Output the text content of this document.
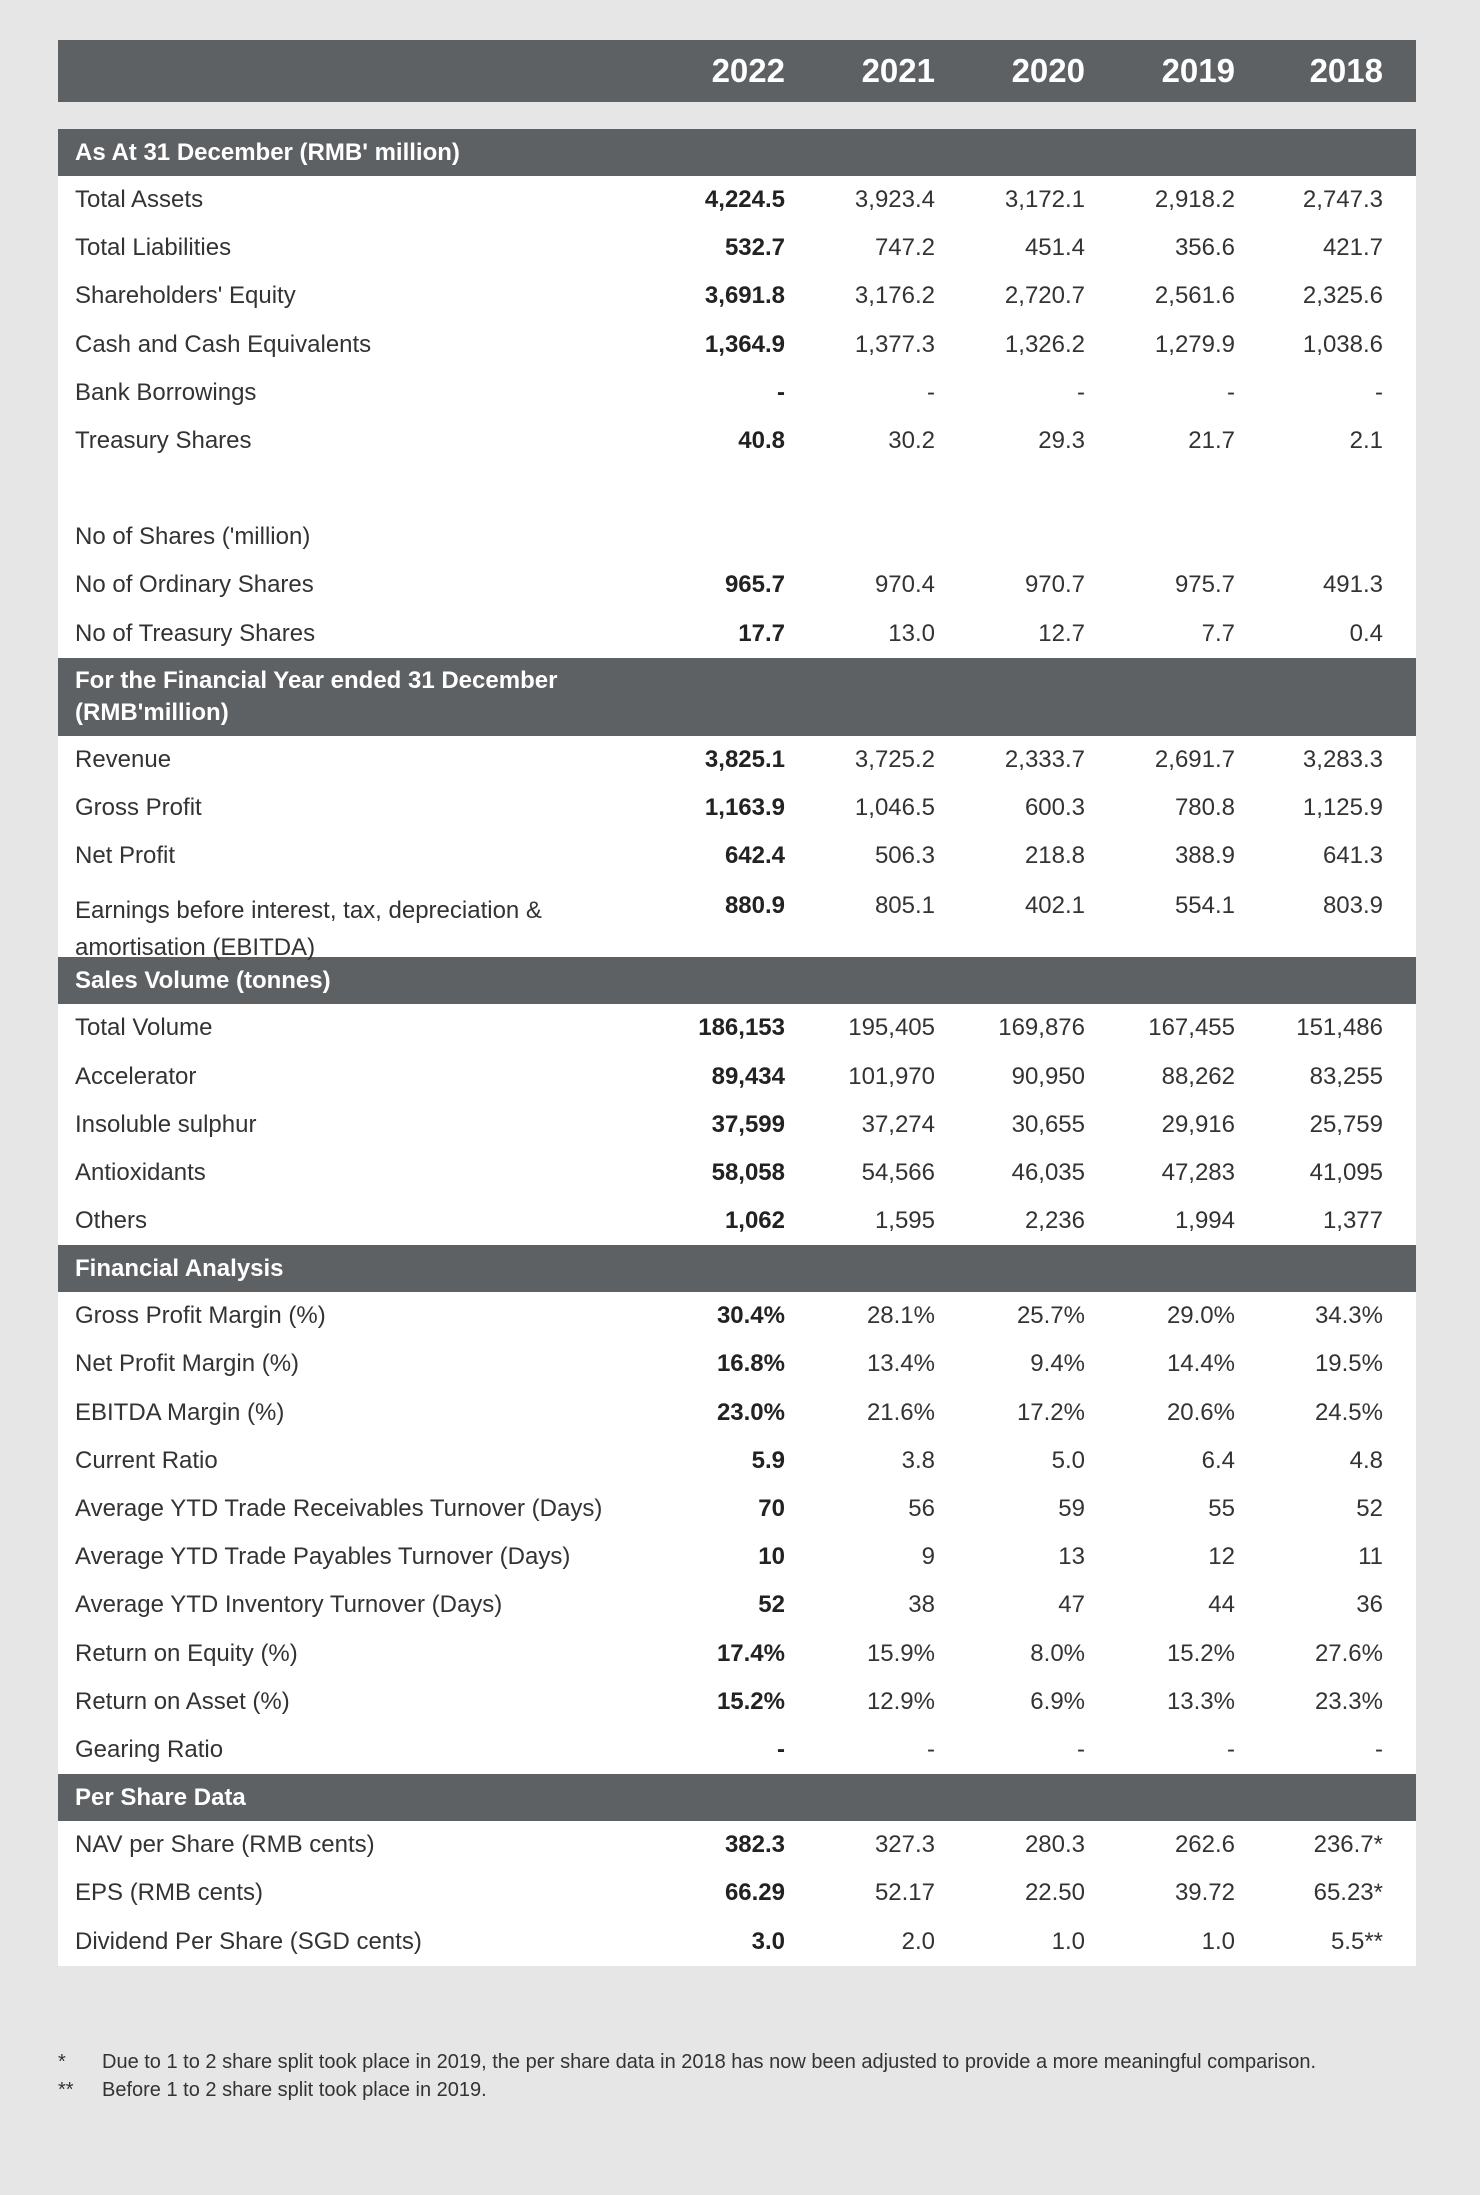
2022	2021	2020	2019	2018
As At 31 December (RMB' million)
Total Assets	4,224.5	3,923.4	3,172.1	2,918.2	2,747.3
Total Liabilities	532.7	747.2	451.4	356.6	421.7
Shareholders' Equity	3,691.8	3,176.2	2,720.7	2,561.6	2,325.6
Cash and Cash Equivalents	1,364.9	1,377.3	1,326.2	1,279.9	1,038.6
Bank Borrowings	-	-	-	-	-
Treasury Shares	40.8	30.2	29.3	21.7	2.1
No of Shares ('million)
No of Ordinary Shares	965.7	970.4	970.7	975.7	491.3
No of Treasury Shares	17.7	13.0	12.7	7.7	0.4
For the Financial Year ended 31 December
(RMB'million)
Revenue	3,825.1	3,725.2	2,333.7	2,691.7	3,283.3
Gross Profit	1,163.9	1,046.5	600.3	780.8	1,125.9
Net Profit	642.4	506.3	218.8	388.9	641.3
Earnings before interest, tax, depreciation &
amortisation (EBITDA)
880.9	805.1	402.1	554.1	803.9
Sales Volume (tonnes)
Total Volume	186,153	195,405	169,876	167,455	151,486
Accelerator	89,434	101,970	90,950	88,262	83,255
Insoluble sulphur	37,599	37,274	30,655	29,916	25,759
Antioxidants	58,058	54,566	46,035	47,283	41,095
Others	1,062	1,595	2,236	1,994	1,377
Financial Analysis
Gross Profit Margin (%)	30.4%	28.1%	25.7%	29.0%	34.3%
Net Profit Margin (%)	16.8%	13.4%	9.4%	14.4%	19.5%
EBITDA Margin (%)	23.0%	21.6%	17.2%	20.6%	24.5%
Current Ratio	5.9	3.8	5.0	6.4	4.8
Average YTD Trade Receivables Turnover (Days)	70	56	59	55	52
Average YTD Trade Payables Turnover (Days)	10	9	13	12	11
Average YTD Inventory Turnover (Days)	52	38	47	44	36
Return on Equity (%)	17.4%	15.9%	8.0%	15.2%	27.6%
Return on Asset (%)	15.2%	12.9%	6.9%	13.3%	23.3%
Gearing Ratio	-	-	-	-	-
Per Share Data
NAV per Share (RMB cents)	382.3	327.3	280.3	262.6	236.7*
EPS (RMB cents)	66.29	52.17	22.50	39.72	65.23*
Dividend Per Share (SGD cents)	3.0	2.0	1.0	1.0	5.5**
*	Due to 1 to 2 share split took place in 2019, the per share data in 2018 has now been adjusted to provide a more meaningful comparison.
**	Before 1 to 2 share split took place in 2019.
